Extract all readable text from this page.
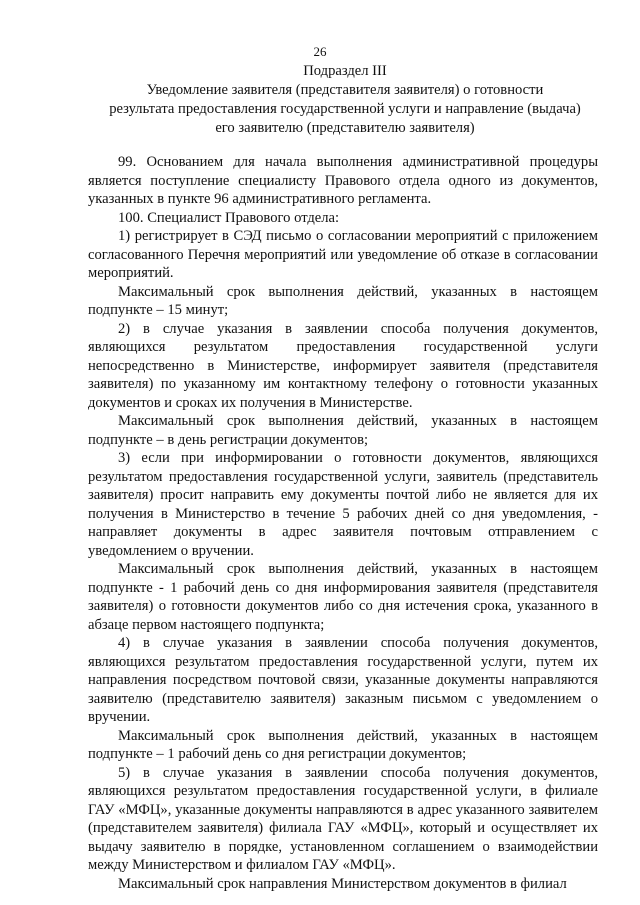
26
Подраздел III
Уведомление заявителя (представителя заявителя) о готовности
результата предоставления государственной услуги и направление (выдача)
его заявителю (представителю заявителя)

99. Основанием для начала выполнения административной процедуры является поступление специалисту Правового отдела одного из документов, указанных в пункте 96 административного регламента.

100. Специалист Правового отдела:

1) регистрирует в СЭД письмо о согласовании мероприятий с приложением согласованного Перечня мероприятий или уведомление об отказе в согласовании мероприятий.

Максимальный срок выполнения действий, указанных в настоящем подпункте – 15 минут;

2) в случае указания в заявлении способа получения документов, являющихся результатом предоставления государственной услуги непосредственно в Министерстве, информирует заявителя (представителя заявителя) по указанному им контактному телефону о готовности указанных документов и сроках их получения в Министерстве.

Максимальный срок выполнения действий, указанных в настоящем подпункте – в день регистрации документов;

3) если при информировании о готовности документов, являющихся результатом предоставления государственной услуги, заявитель (представитель заявителя) просит направить ему документы почтой либо не является для их получения в Министерство в течение 5 рабочих дней со дня уведомления, - направляет документы в адрес заявителя почтовым отправлением с уведомлением о вручении.

Максимальный срок выполнения действий, указанных в настоящем подпункте - 1 рабочий день со дня информирования заявителя (представителя заявителя) о готовности документов либо со дня истечения срока, указанного в абзаце первом настоящего подпункта;

4) в случае указания в заявлении способа получения документов, являющихся результатом предоставления государственной услуги, путем их направления посредством почтовой связи, указанные документы направляются заявителю (представителю заявителя) заказным письмом с уведомлением о вручении.

Максимальный срок выполнения действий, указанных в настоящем подпункте – 1 рабочий день со дня регистрации документов;

5) в случае указания в заявлении способа получения документов, являющихся результатом предоставления государственной услуги, в филиале ГАУ «МФЦ», указанные документы направляются в адрес указанного заявителем (представителем заявителя) филиала ГАУ «МФЦ», который и осуществляет их выдачу заявителю в порядке, установленном соглашением о взаимодействии между Министерством и филиалом ГАУ «МФЦ».

Максимальный срок направления Министерством документов в филиал
